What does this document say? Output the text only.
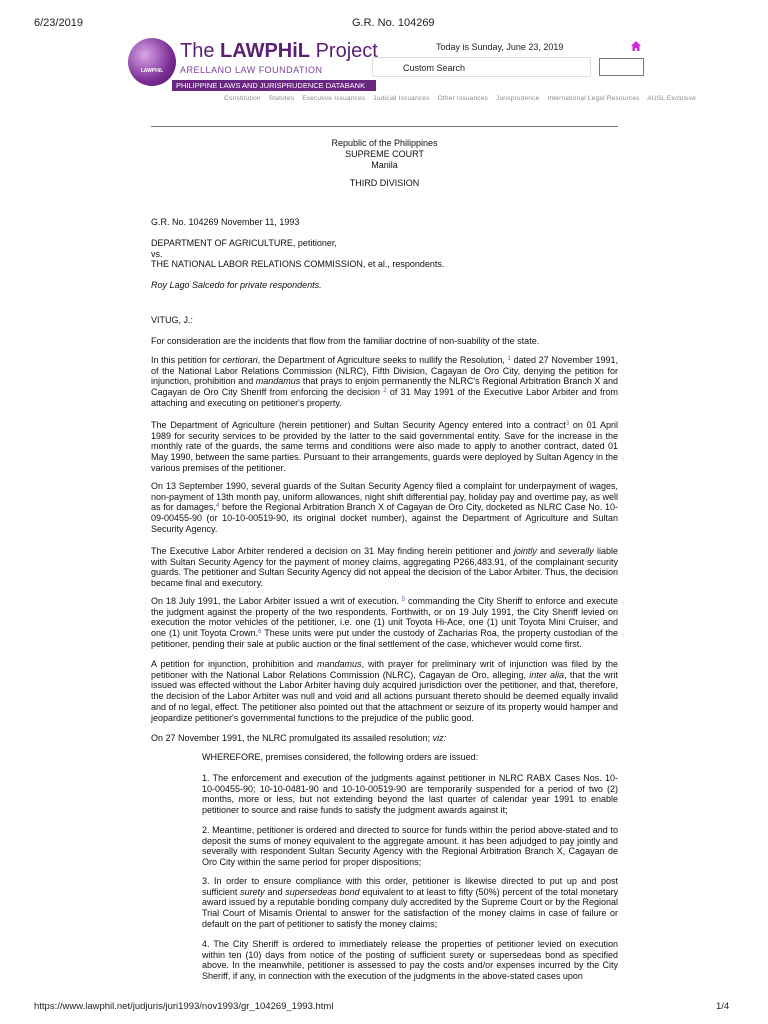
6/23/2019	G.R. No. 104269
LAWPHiL
The LAWPHiL Project
ARELLANO LAW FOUNDATION
PHILIPPINE LAWS AND JURISPRUDENCE DATABANK
Today is Sunday, June 23, 2019
Custom Search
Constitution Statutes Executive Issuances Judicial Issuances Other Issuances Jurisprudence International Legal Resources AUSL Exclusive
Republic of the Philippines
SUPREME COURT
Manila
THIRD DIVISION
G.R. No. 104269 November 11, 1993
DEPARTMENT OF AGRICULTURE, petitioner,
vs.
THE NATIONAL LABOR RELATIONS COMMISSION, et al., respondents.
Roy Lago Salcedo for private respondents.
VITUG, J.:

For consideration are the incidents that flow from the familiar doctrine of non-suability of the state.

In this petition for certiorari, the Department of Agriculture seeks to nullify the Resolution, $^1$ dated 27 November 1991, of the National Labor Relations Commission (NLRC), Fifth Division, Cagayan de Oro City, denying the petition for injunction, prohibition and mandamus that prays to enjoin permanently the NLRC's Regional Arbitration Branch X and Cagayan de Oro City Sheriff from enforcing the decision $^2$ of 31 May 1991 of the Executive Labor Arbiter and from attaching and executing on petitioner's property.

The Department of Agriculture (herein petitioner) and Sultan Security Agency entered into a contract$^3$ on 01 April 1989 for security services to be provided by the latter to the said governmental entity. Save for the increase in the monthly rate of the guards, the same terms and conditions were also made to apply to another contract, dated 01 May 1990, between the same parties. Pursuant to their arrangements, guards were deployed by Sultan Agency in the various premises of the petitioner.

On 13 September 1990, several guards of the Sultan Security Agency filed a complaint for underpayment of wages, non-payment of 13th month pay, uniform allowances, night shift differential pay, holiday pay and overtime pay, as well as for damages,$^4$ before the Regional Arbitration Branch X of Cagayan de Oro City, docketed as NLRC Case No. 10-09-00455-90 (or 10-10-00519-90, its original docket number), against the Department of Agriculture and Sultan Security Agency.

The Executive Labor Arbiter rendered a decision on 31 May finding herein petitioner and jointly and severally liable with Sultan Security Agency for the payment of money claims, aggregating P266,483.91, of the complainant security guards. The petitioner and Sultan Security Agency did not appeal the decision of the Labor Arbiter. Thus, the decision became final and executory.

On 18 July 1991, the Labor Arbiter issued a writ of execution. $^5$ commanding the City Sheriff to enforce and execute the judgment against the property of the two respondents. Forthwith, or on 19 July 1991, the City Sheriff levied on execution the motor vehicles of the petitioner, i.e. one (1) unit Toyota Hi-Ace, one (1) unit Toyota Mini Cruiser, and one (1) unit Toyota Crown.$^6$ These units were put under the custody of Zacharias Roa, the property custodian of the petitioner, pending their sale at public auction or the final settlement of the case, whichever would come first.

A petition for injunction, prohibition and mandamus, with prayer for preliminary writ of injunction was filed by the petitioner with the National Labor Relations Commission (NLRC), Cagayan de Oro, alleging, inter alia, that the writ issued was effected without the Labor Arbiter having duly acquired jurisdiction over the petitioner, and that, therefore, the decision of the Labor Arbiter was null and void and all actions pursuant thereto should be deemed equally invalid and of no legal, effect. The petitioner also pointed out that the attachment or seizure of its property would hamper and jeopardize petitioner's governmental functions to the prejudice of the public good.

On 27 November 1991, the NLRC promulgated its assailed resolution; viz:

WHEREFORE, premises considered, the following orders are issued:

1. The enforcement and execution of the judgments against petitioner in NLRC RABX Cases Nos. 10-10-00455-90; 10-10-0481-90 and 10-10-00519-90 are temporarily suspended for a period of two (2) months, more or less, but not extending beyond the last quarter of calendar year 1991 to enable petitioner to source and raise funds to satisfy the judgment awards against it;

2. Meantime, petitioner is ordered and directed to source for funds within the period above-stated and to deposit the sums of money equivalent to the aggregate amount. it has been adjudged to pay jointly and severally with respondent Sultan Security Agency with the Regional Arbitration Branch X, Cagayan de Oro City within the same period for proper dispositions;

3. In order to ensure compliance with this order, petitioner is likewise directed to put up and post sufficient surety and supersedeas bond equivalent to at least to fifty (50%) percent of the total monetary award issued by a reputable bonding company duly accredited by the Supreme Court or by the Regional Trial Court of Misamis Oriental to answer for the satisfaction of the money claims in case of failure or default on the part of petitioner to satisfy the money claims;

4. The City Sheriff is ordered to immediately release the properties of petitioner levied on execution within ten (10) days from notice of the posting of sufficient surety or supersedeas bond as specified above. In the meanwhile, petitioner is assessed to pay the costs and/or expenses incurred by the City Sheriff, if any, in connection with the execution of the judgments in the above-stated cases upon

https://www.lawphil.net/judjuris/juri1993/nov1993/gr_104269_1993.html	1/4
